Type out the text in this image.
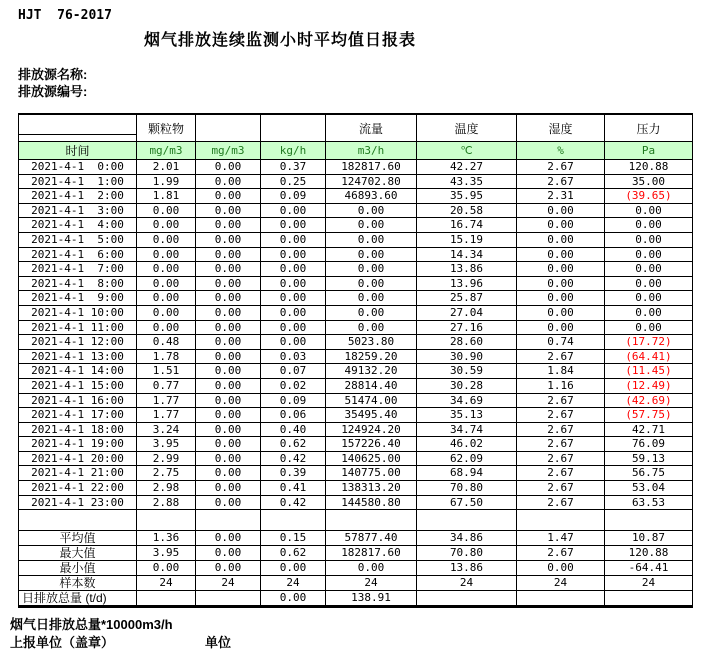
HJT  76-2017
烟气排放连续监测小时平均值日报表
排放源名称:
排放源编号:
	颗粒物			流量	温度	湿度	压力
时间	mg/m3	mg/m3	kg/h	m3/h	℃	%	Pa
2021-4-1  0:00	2.01	0.00	0.37	182817.60	42.27	2.67	120.88
2021-4-1  1:00	1.99	0.00	0.25	124702.80	43.35	2.67	35.00
2021-4-1  2:00	1.81	0.00	0.09	46893.60	35.95	2.31	(39.65)
2021-4-1  3:00	0.00	0.00	0.00	0.00	20.58	0.00	0.00
2021-4-1  4:00	0.00	0.00	0.00	0.00	16.74	0.00	0.00
2021-4-1  5:00	0.00	0.00	0.00	0.00	15.19	0.00	0.00
2021-4-1  6:00	0.00	0.00	0.00	0.00	14.34	0.00	0.00
2021-4-1  7:00	0.00	0.00	0.00	0.00	13.86	0.00	0.00
2021-4-1  8:00	0.00	0.00	0.00	0.00	13.96	0.00	0.00
2021-4-1  9:00	0.00	0.00	0.00	0.00	25.87	0.00	0.00
2021-4-1 10:00	0.00	0.00	0.00	0.00	27.04	0.00	0.00
2021-4-1 11:00	0.00	0.00	0.00	0.00	27.16	0.00	0.00
2021-4-1 12:00	0.48	0.00	0.00	5023.80	28.60	0.74	(17.72)
2021-4-1 13:00	1.78	0.00	0.03	18259.20	30.90	2.67	(64.41)
2021-4-1 14:00	1.51	0.00	0.07	49132.20	30.59	1.84	(11.45)
2021-4-1 15:00	0.77	0.00	0.02	28814.40	30.28	1.16	(12.49)
2021-4-1 16:00	1.77	0.00	0.09	51474.00	34.69	2.67	(42.69)
2021-4-1 17:00	1.77	0.00	0.06	35495.40	35.13	2.67	(57.75)
2021-4-1 18:00	3.24	0.00	0.40	124924.20	34.74	2.67	42.71
2021-4-1 19:00	3.95	0.00	0.62	157226.40	46.02	2.67	76.09
2021-4-1 20:00	2.99	0.00	0.42	140625.00	62.09	2.67	59.13
2021-4-1 21:00	2.75	0.00	0.39	140775.00	68.94	2.67	56.75
2021-4-1 22:00	2.98	0.00	0.41	138313.20	70.80	2.67	53.04
2021-4-1 23:00	2.88	0.00	0.42	144580.80	67.50	2.67	63.53

平均值	1.36	0.00	0.15	57877.40	34.86	1.47	10.87
最大值	3.95	0.00	0.62	182817.60	70.80	2.67	120.88
最小值	0.00	0.00	0.00	0.00	13.86	0.00	-64.41
样本数	24	24	24	24	24	24	24
日排放总量 (t/d)			0.00	138.91			
烟气日排放总量*10000m3/h
上报单位（盖章）	单位
